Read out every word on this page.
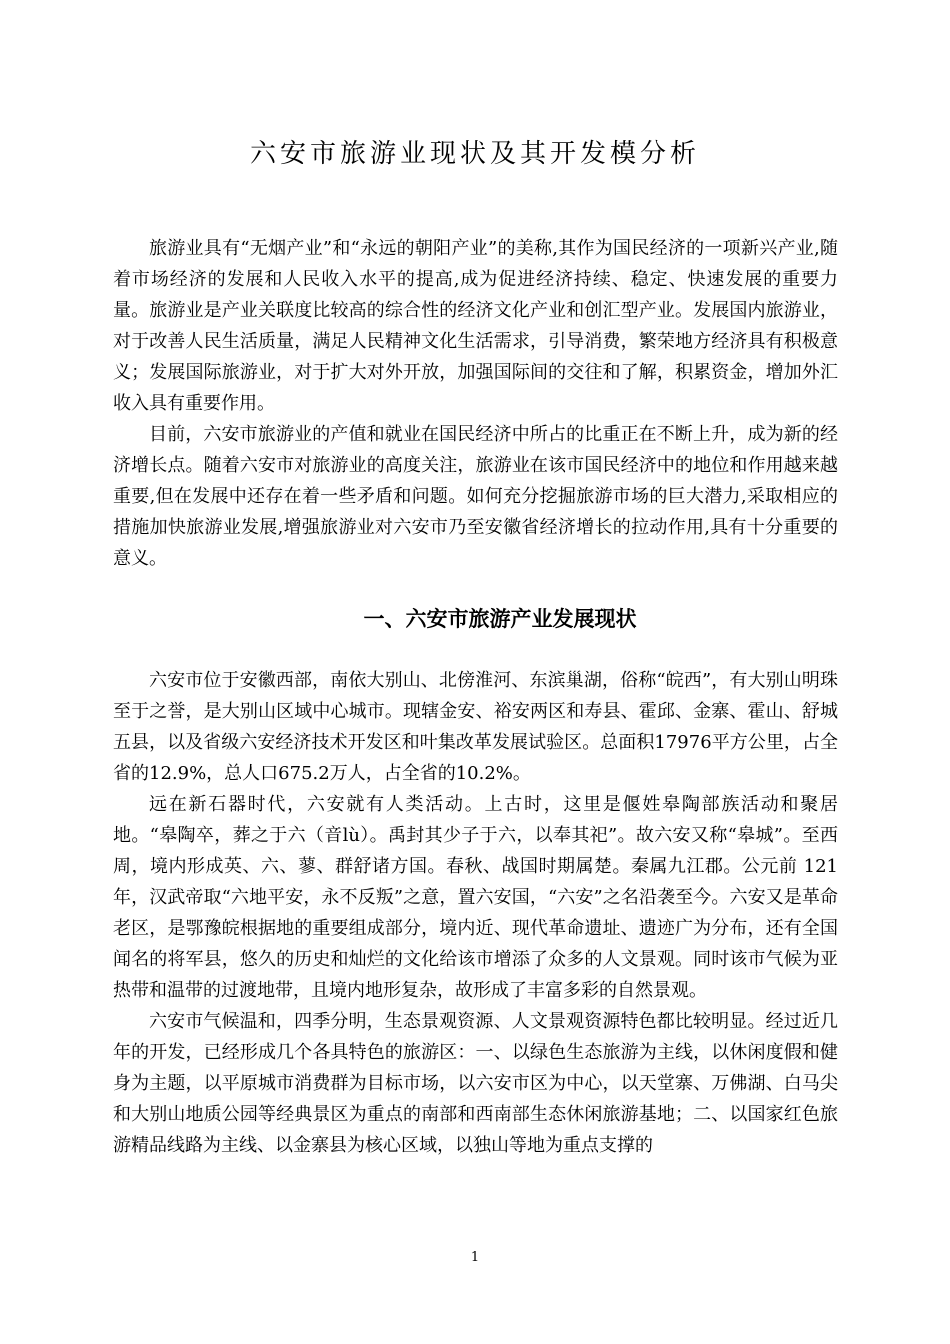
六安市旅游业现状及其开发模分析

旅游业具有“无烟产业”和“永远的朝阳产业”的美称,其作为国民经济的一项新兴产业,随着市场经济的发展和人民收入水平的提高,成为促进经济持续、稳定、快速发展的重要力量。旅游业是产业关联度比较高的综合性的经济文化产业和创汇型产业。发展国内旅游业，对于改善人民生活质量，满足人民精神文化生活需求，引导消费，繁荣地方经济具有积极意义；发展国际旅游业，对于扩大对外开放，加强国际间的交往和了解，积累资金，增加外汇收入具有重要作用。

目前，六安市旅游业的产值和就业在国民经济中所占的比重正在不断上升，成为新的经济增长点。随着六安市对旅游业的高度关注，旅游业在该市国民经济中的地位和作用越来越重要,但在发展中还存在着一些矛盾和问题。如何充分挖掘旅游市场的巨大潜力,采取相应的措施加快旅游业发展,增强旅游业对六安市乃至安徽省经济增长的拉动作用,具有十分重要的意义。

一、六安市旅游产业发展现状

六安市位于安徽西部，南依大别山、北傍淮河、东滨巢湖，俗称“皖西”，有大别山明珠至于之誉，是大别山区域中心城市。现辖金安、裕安两区和寿县、霍邱、金寨、霍山、舒城五县，以及省级六安经济技术开发区和叶集改革发展试验区。总面积17976平方公里，占全省的12.9%，总人口675.2万人，占全省的10.2%。

远在新石器时代，六安就有人类活动。上古时，这里是偃姓皋陶部族活动和聚居地。“皋陶卒，葬之于六（音lù）。禹封其少子于六，以奉其祀”。故六安又称“皋城”。至西周，境内形成英、六、蓼、群舒诸方国。春秋、战国时期属楚。秦属九江郡。公元前 121年，汉武帝取“六地平安，永不反叛”之意，置六安国，“六安”之名沿袭至今。六安又是革命老区，是鄂豫皖根据地的重要组成部分，境内近、现代革命遗址、遗迹广为分布，还有全国闻名的将军县，悠久的历史和灿烂的文化给该市增添了众多的人文景观。同时该市气候为亚热带和温带的过渡地带，且境内地形复杂，故形成了丰富多彩的自然景观。

六安市气候温和，四季分明，生态景观资源、人文景观资源特色都比较明显。经过近几年的开发，已经形成几个各具特色的旅游区：一、以绿色生态旅游为主线，以休闲度假和健身为主题，以平原城市消费群为目标市场，以六安市区为中心，以天堂寨、万佛湖、白马尖和大别山地质公园等经典景区为重点的南部和西南部生态休闲旅游基地；二、以国家红色旅游精品线路为主线、以金寨县为核心区域，以独山等地为重点支撑的

1
